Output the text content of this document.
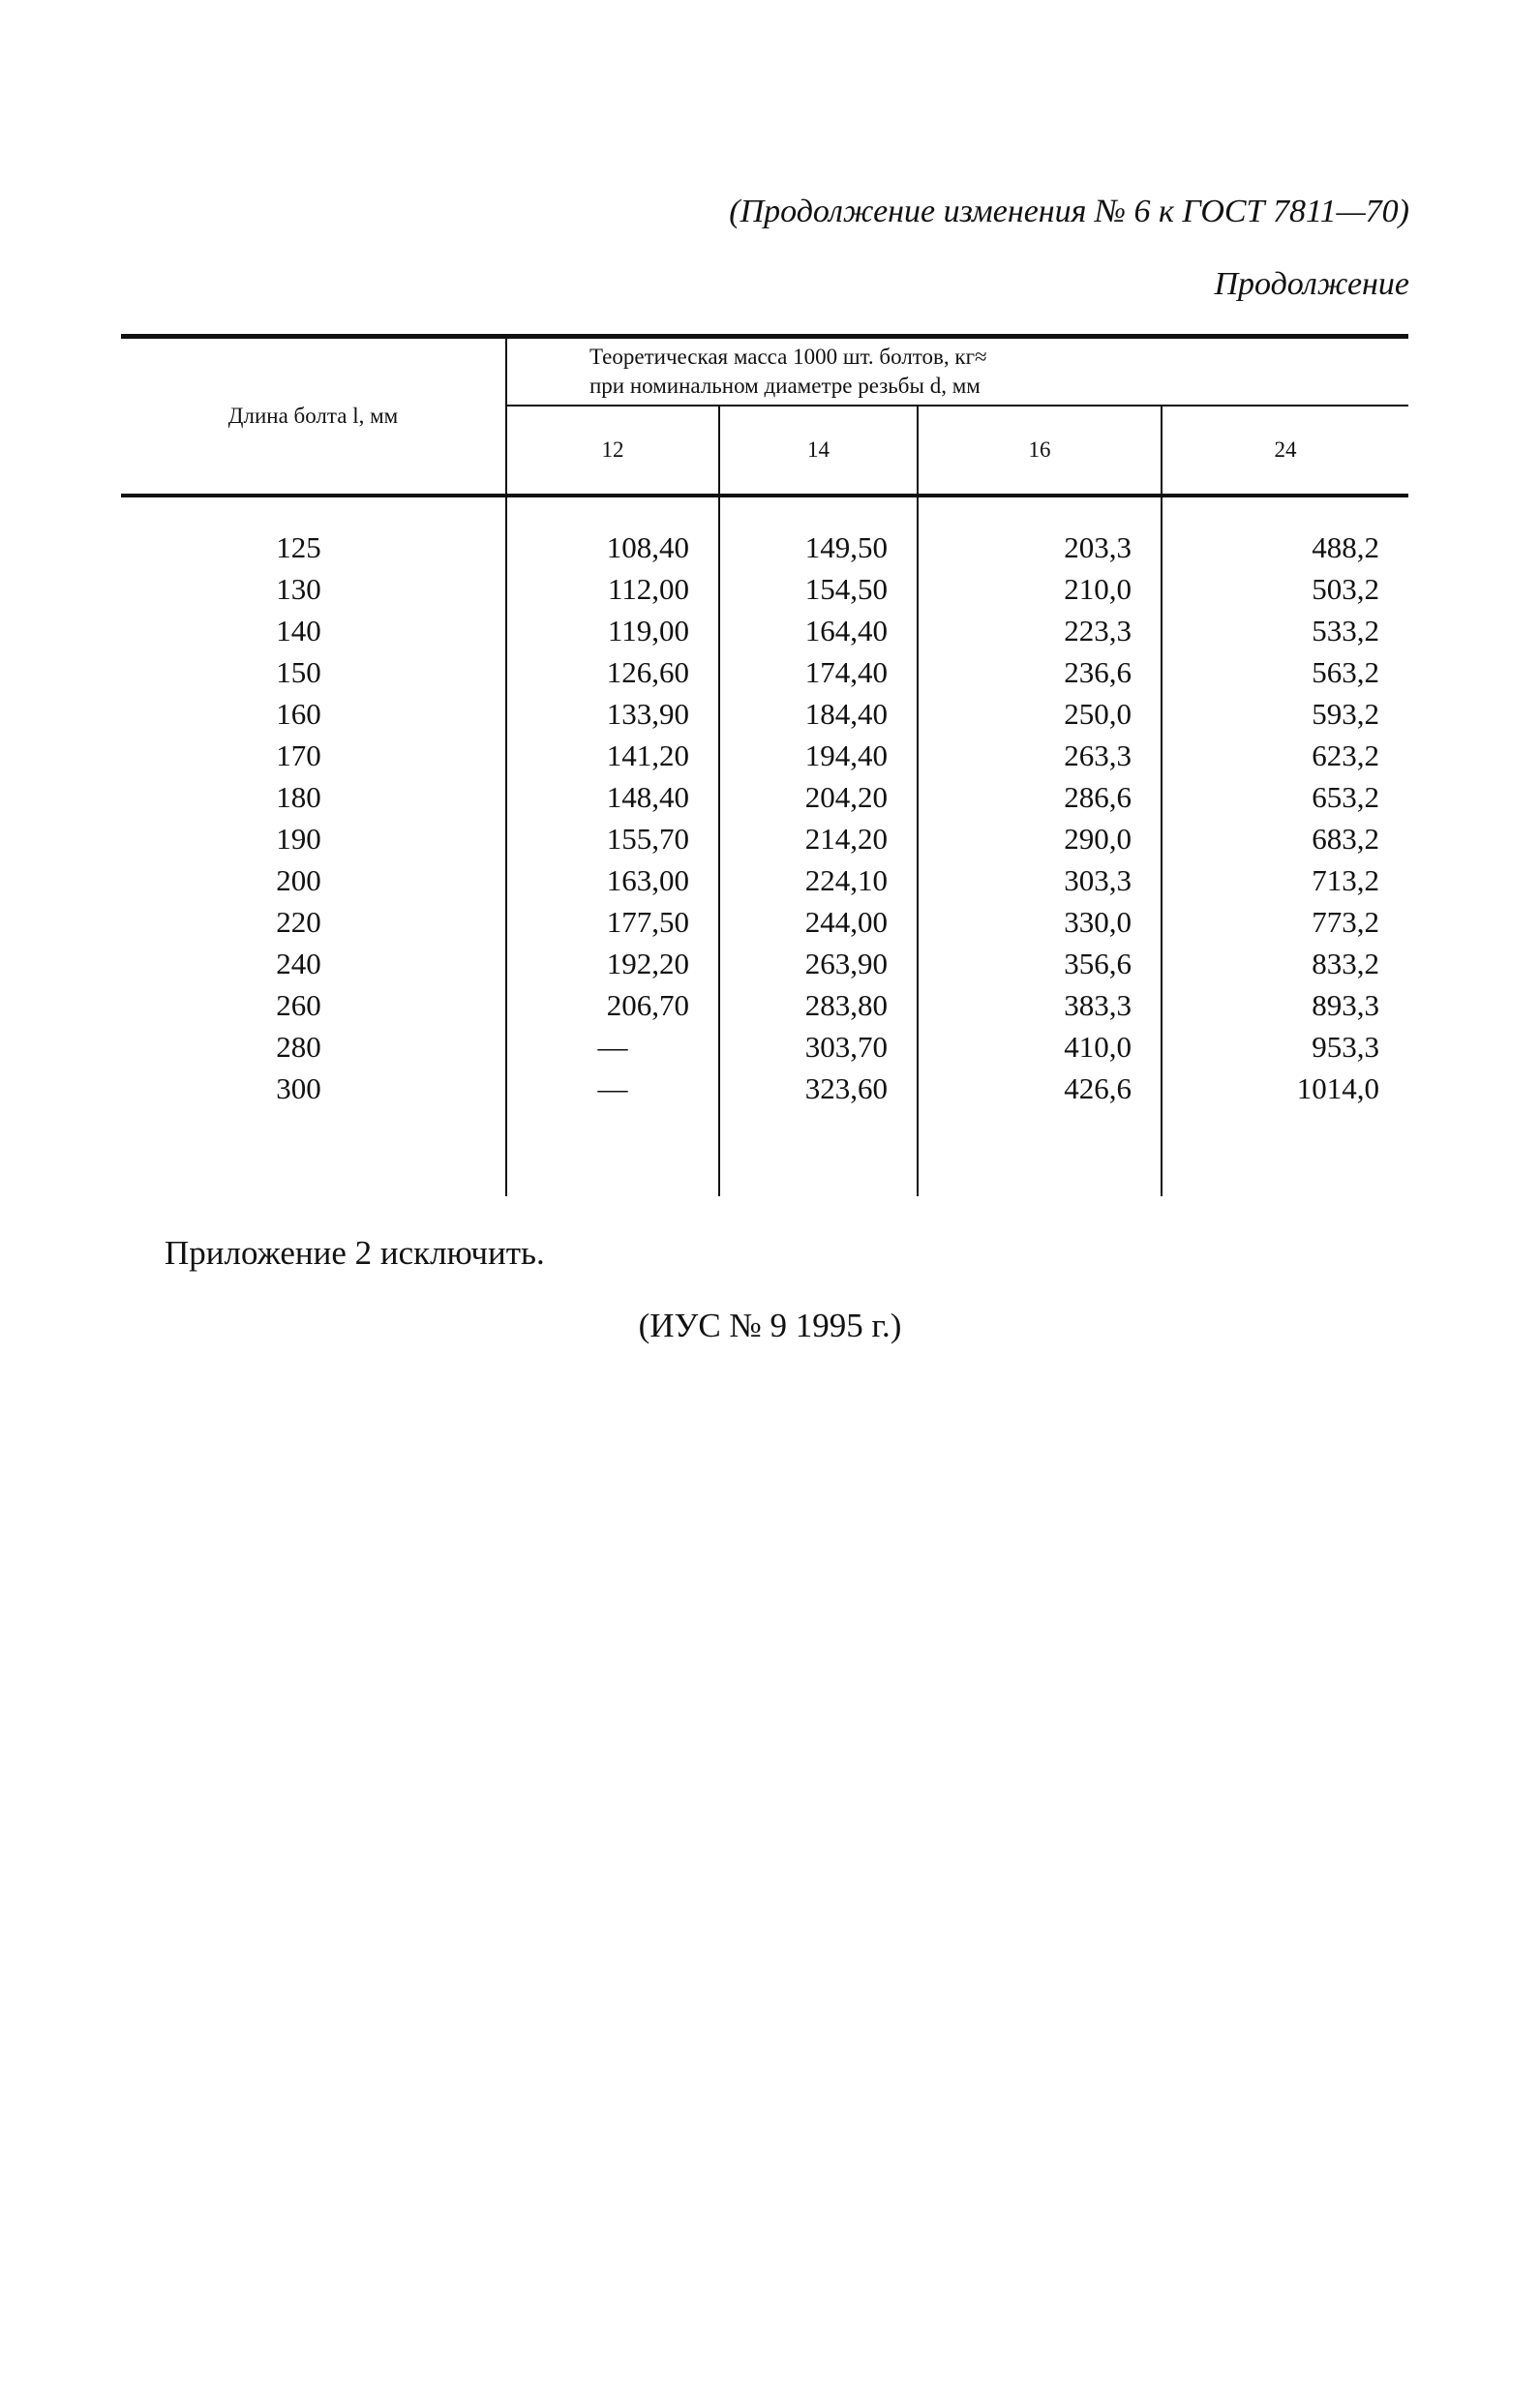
(Продолжение изменения № 6 к ГОСТ 7811—70)
Продолжение
Длина болта l, мм	Теоретическая масса 1000 шт. болтов, кг≈
при номинальном диаметре резьбы d, мм			
	12	14	16	24
125	108,40	149,50	203,3	488,2
130	112,00	154,50	210,0	503,2
140	119,00	164,40	223,3	533,2
150	126,60	174,40	236,6	563,2
160	133,90	184,40	250,0	593,2
170	141,20	194,40	263,3	623,2
180	148,40	204,20	286,6	653,2
190	155,70	214,20	290,0	683,2
200	163,00	224,10	303,3	713,2
220	177,50	244,00	330,0	773,2
240	192,20	263,90	356,6	833,2
260	206,70	283,80	383,3	893,3
280	—	303,70	410,0	953,3
300	—	323,60	426,6	1014,0

Приложение 2 исключить.
(ИУС № 9 1995 г.)
